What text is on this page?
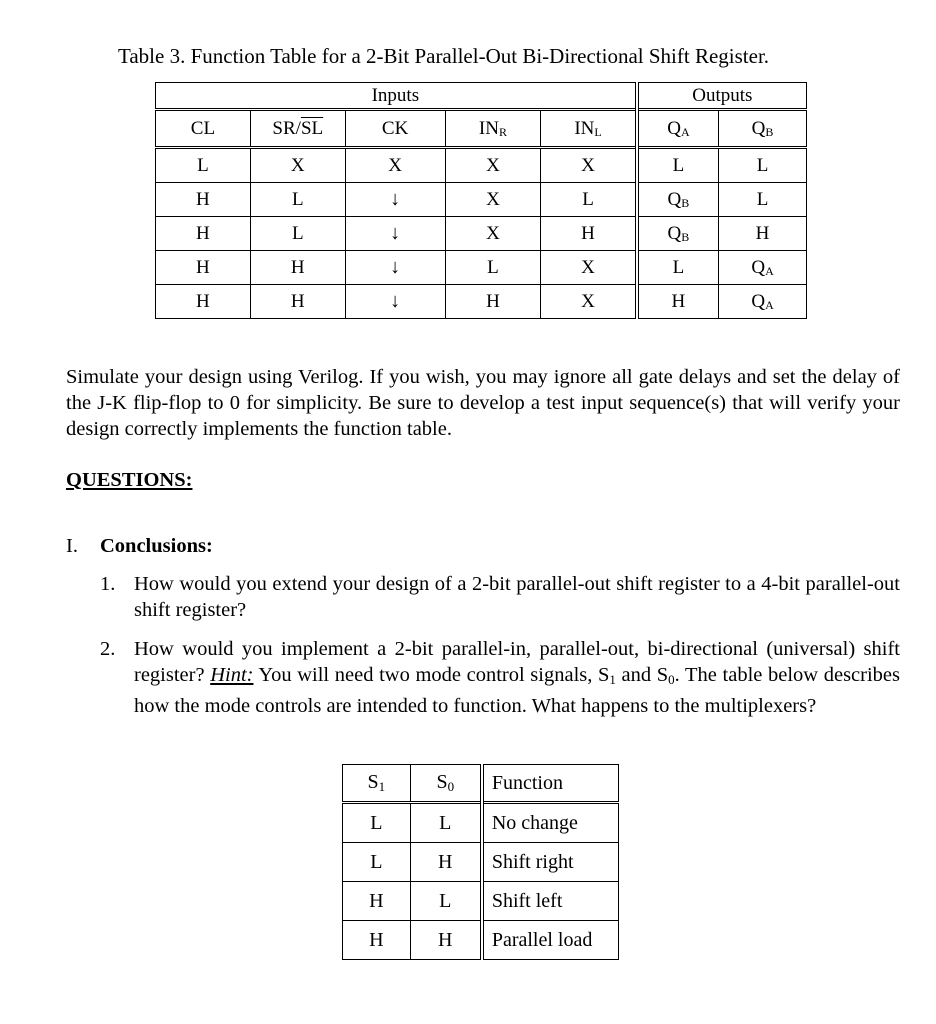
Table 3. Function Table for a 2-Bit Parallel-Out Bi-Directional Shift Register.
Inputs					Outputs	
CL	$SR/\overline{SL}$	CK	$IN_R$	$IN_L$	$Q_A$	$Q_B$
L	X	X	X	X	L	L
H	L	↓	X	L	$Q_B$	L
H	L	↓	X	H	$Q_B$	H
H	H	↓	L	X	L	$Q_A$
H	H	↓	H	X	H	$Q_A$

Simulate your design using Verilog. If you wish, you may ignore all gate delays and set the delay of the J-K flip-flop to 0 for simplicity. Be sure to develop a test input sequence(s) that will verify your design correctly implements the function table.

QUESTIONS:

I. Conclusions:

1. How would you extend your design of a 2-bit parallel-out shift register to a 4-bit parallel-out shift register?
2. How would you implement a 2-bit parallel-in, parallel-out, bi-directional (universal) shift register? Hint: You will need two mode control signals, $S_1$ and $S_0$. The table below describes how the mode controls are intended to function. What happens to the multiplexers?
$S_1$	$S_0$	Function
L	L	No change
L	H	Shift right
H	L	Shift left
H	H	Parallel load
